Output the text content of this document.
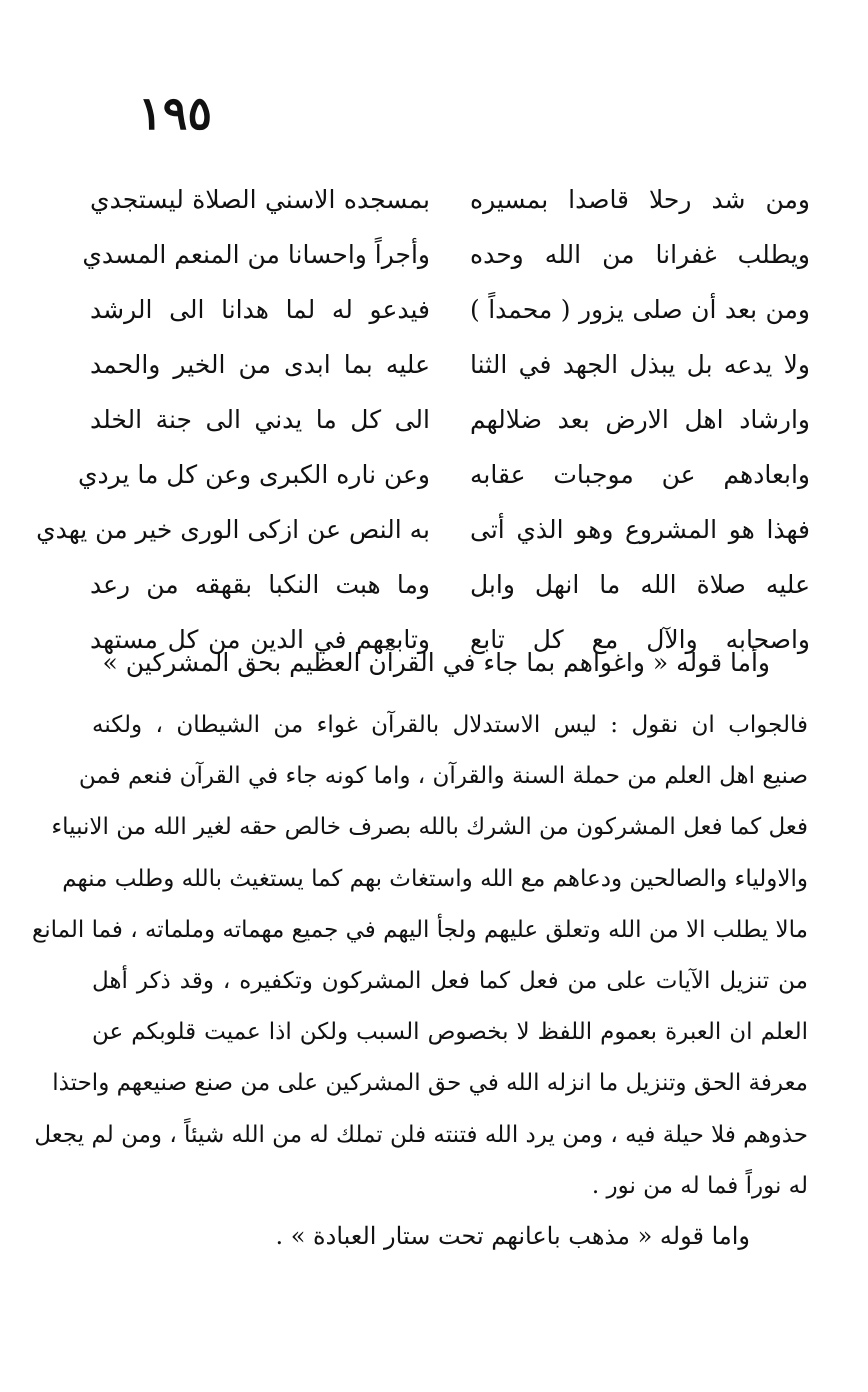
١٩٥
ومن شد رحلا قاصدا بمسيره
بمسجده الاسني الصلاة ليستجدي
ويطلب غفرانا من الله وحده
وأجراً واحسانا من المنعم المسدي
ومن بعد أن صلى يزور ( محمداً )
فيدعو له لما هدانا الى الرشد
ولا يدعه بل يبذل الجهد في الثنا
عليه بما ابدى من الخير والحمد
وارشاد اهل الارض بعد ضلالهم
الى كل ما يدني الى جنة الخلد
وابعادهم عن موجبات عقابه
وعن ناره الكبرى وعن كل ما يردي
فهذا هو المشروع وهو الذي أتى
به النص عن ازكى الورى خير من يهدي
عليه صلاة الله ما انهل وابل
وما هبت النكبا بقهقه من رعد
واصحابه والآل مع كل تابع
وتابعهم في الدين من كل مستهد
وأما قوله « واغواهم بما جاء في القرآن العظيم بحق المشركين »
فالجواب ان نقول : ليس الاستدلال بالقرآن غواء من الشيطان ، ولكنه
صنيع اهل العلم من حملة السنة والقرآن ، واما كونه جاء في القرآن فنعم فمن
فعل كما فعل المشركون من الشرك بالله بصرف خالص حقه لغير الله من الانبياء
والاولياء والصالحين ودعاهم مع الله واستغاث بهم كما يستغيث بالله وطلب منهم
مالا يطلب الا من الله وتعلق عليهم ولجأ اليهم في جميع مهماته وملماته ، فما المانع
من تنزيل الآيات على من فعل كما فعل المشركون وتكفيره ، وقد ذكر أهل
العلم ان العبرة بعموم اللفظ لا بخصوص السبب ولكن اذا عميت قلوبكم عن
معرفة الحق وتنزيل ما انزله الله في حق المشركين على من صنع صنيعهم واحتذا
حذوهم فلا حيلة فيه ، ومن يرد الله فتنته فلن تملك له من الله شيئاً ، ومن لم يجعل
له نوراً فما له من نور .
واما قوله « مذهب باعانهم تحت ستار العبادة » .
